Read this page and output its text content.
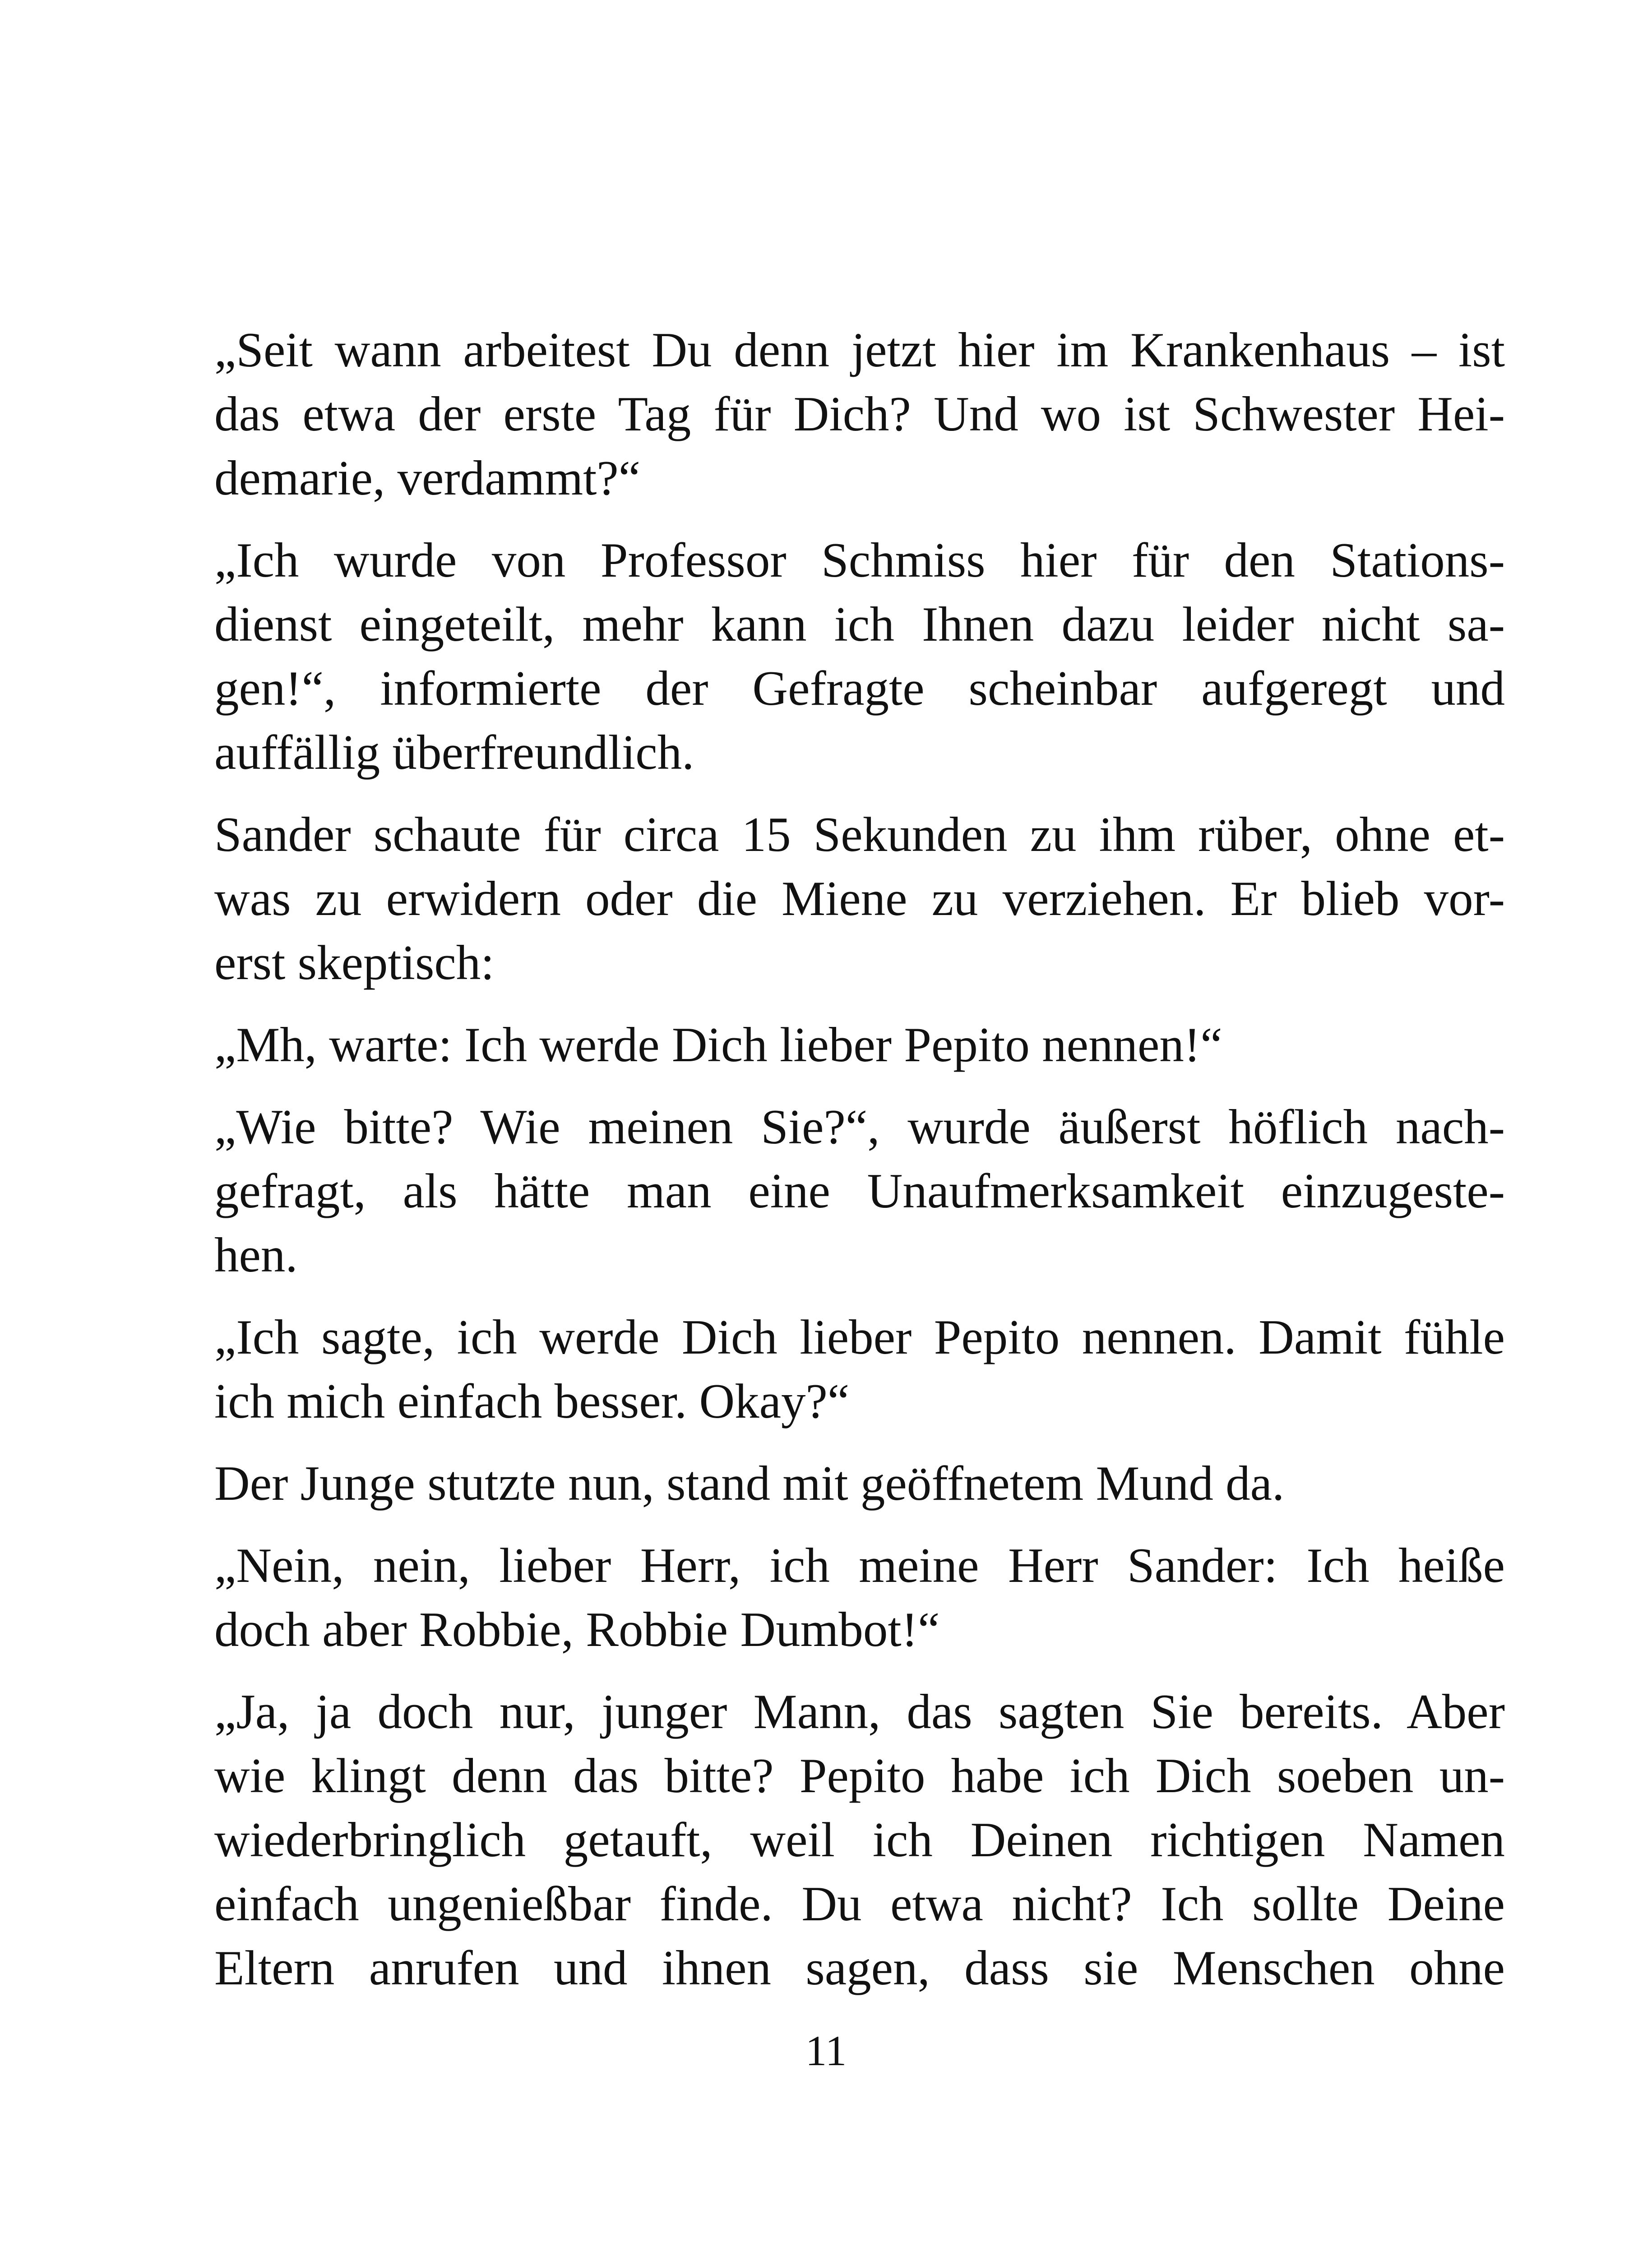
„Seit wann arbeitest Du denn jetzt hier im Krankenhaus – ist
das etwa der erste Tag für Dich? Und wo ist Schwester Hei-
demarie, verdammt?“

„Ich wurde von Professor Schmiss hier für den Stations-
dienst eingeteilt, mehr kann ich Ihnen dazu leider nicht sa-
gen!“, informierte der Gefragte scheinbar aufgeregt und
auffällig überfreundlich.

Sander schaute für circa 15 Sekunden zu ihm rüber, ohne et-
was zu erwidern oder die Miene zu verziehen. Er blieb vor-
erst skeptisch:

„Mh, warte: Ich werde Dich lieber Pepito nennen!“

„Wie bitte? Wie meinen Sie?“, wurde äußerst höflich nach-
gefragt, als hätte man eine Unaufmerksamkeit einzugeste-
hen.

„Ich sagte, ich werde Dich lieber Pepito nennen. Damit fühle
ich mich einfach besser. Okay?“

Der Junge stutzte nun, stand mit geöffnetem Mund da.

„Nein, nein, lieber Herr, ich meine Herr Sander: Ich heiße
doch aber Robbie, Robbie Dumbot!“

„Ja, ja doch nur, junger Mann, das sagten Sie bereits. Aber
wie klingt denn das bitte? Pepito habe ich Dich soeben un-
wiederbringlich getauft, weil ich Deinen richtigen Namen
einfach ungenießbar finde. Du etwa nicht? Ich sollte Deine
Eltern anrufen und ihnen sagen, dass sie Menschen ohne

11
